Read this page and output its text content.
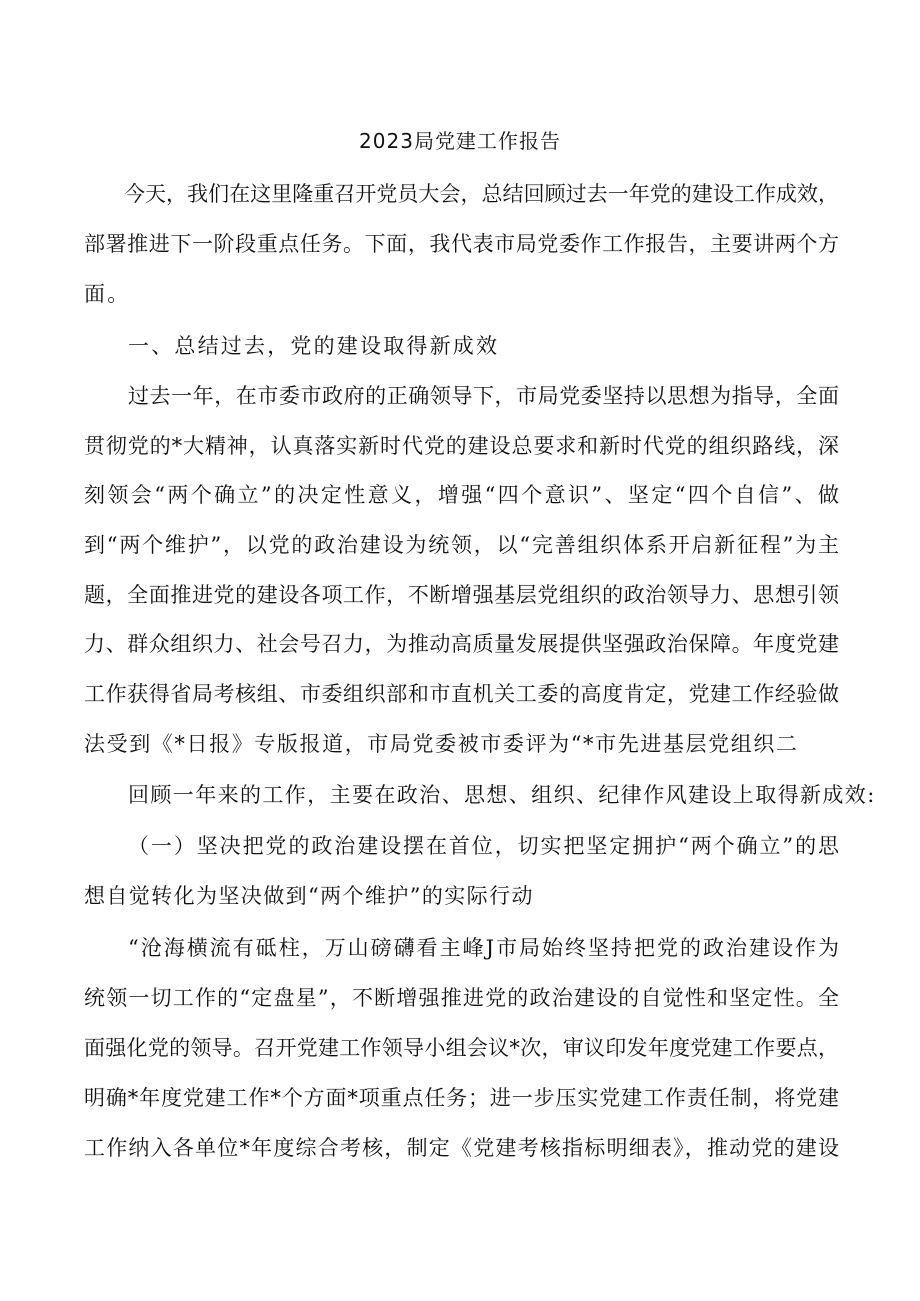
2023局党建工作报告
今天，我们在这里隆重召开党员大会，总结回顾过去一年党的建设工作成效，
部署推进下一阶段重点任务。下面，我代表市局党委作工作报告，主要讲两个方
面。
一、总结过去，党的建设取得新成效
过去一年，在市委市政府的正确领导下，市局党委坚持以思想为指导，全面
贯彻党的*大精神，认真落实新时代党的建设总要求和新时代党的组织路线，深
刻领会“两个确立”的决定性意义，增强“四个意识”、坚定“四个自信”、做
到“两个维护”，以党的政治建设为统领，以“完善组织体系开启新征程”为主
题，全面推进党的建设各项工作，不断增强基层党组织的政治领导力、思想引领
力、群众组织力、社会号召力，为推动高质量发展提供坚强政治保障。年度党建
工作获得省局考核组、市委组织部和市直机关工委的高度肯定，党建工作经验做
法受到《*日报》专版报道，市局党委被市委评为“*市先进基层党组织二
回顾一年来的工作，主要在政治、思想、组织、纪律作风建设上取得新成效:
（一）坚决把党的政治建设摆在首位，切实把坚定拥护“两个确立”的思
想自觉转化为坚决做到“两个维护”的实际行动
“沧海横流有砥柱，万山磅礴看主峰J市局始终坚持把党的政治建设作为
统领一切工作的“定盘星”，不断增强推进党的政治建设的自觉性和坚定性。全
面强化党的领导。召开党建工作领导小组会议*次，审议印发年度党建工作要点，
明确*年度党建工作*个方面*项重点任务；进一步压实党建工作责任制，将党建
工作纳入各单位*年度综合考核，制定《党建考核指标明细表》，推动党的建设
